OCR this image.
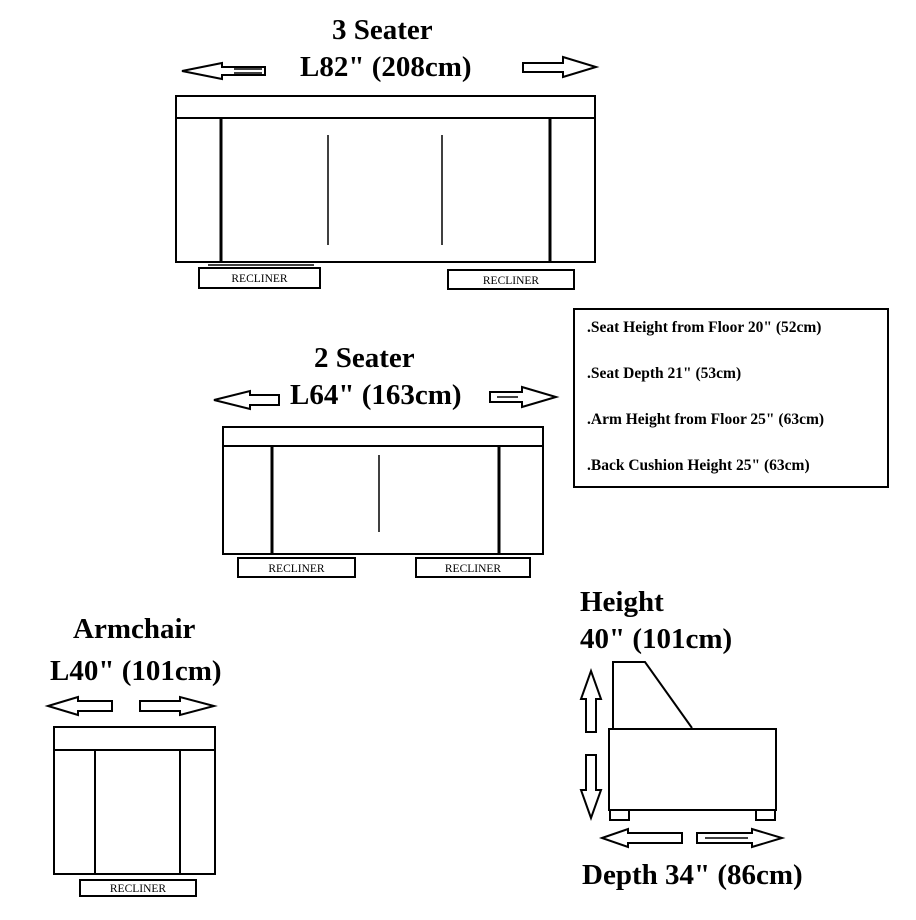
3 Seater
L82" (208cm)
2 Seater
L64" (163cm)
Armchair
L40" (101cm)
Height
40" (101cm)
Depth 34" (86cm)
.Seat Height from Floor 20" (52cm)
.Seat Depth 21" (53cm)
.Arm Height from Floor 25" (63cm)
.Back Cushion Height 25" (63cm)
RECLINER	RECLINER
RECLINER	RECLINER
RECLINER
